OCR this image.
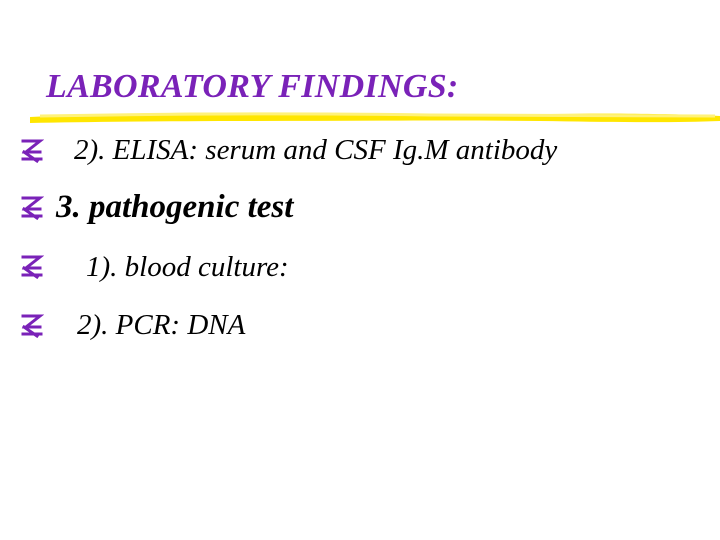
LABORATORY FINDINGS:
2). ELISA: serum and CSF Ig.M antibody
3. pathogenic test
1). blood culture:
2). PCR: DNA
